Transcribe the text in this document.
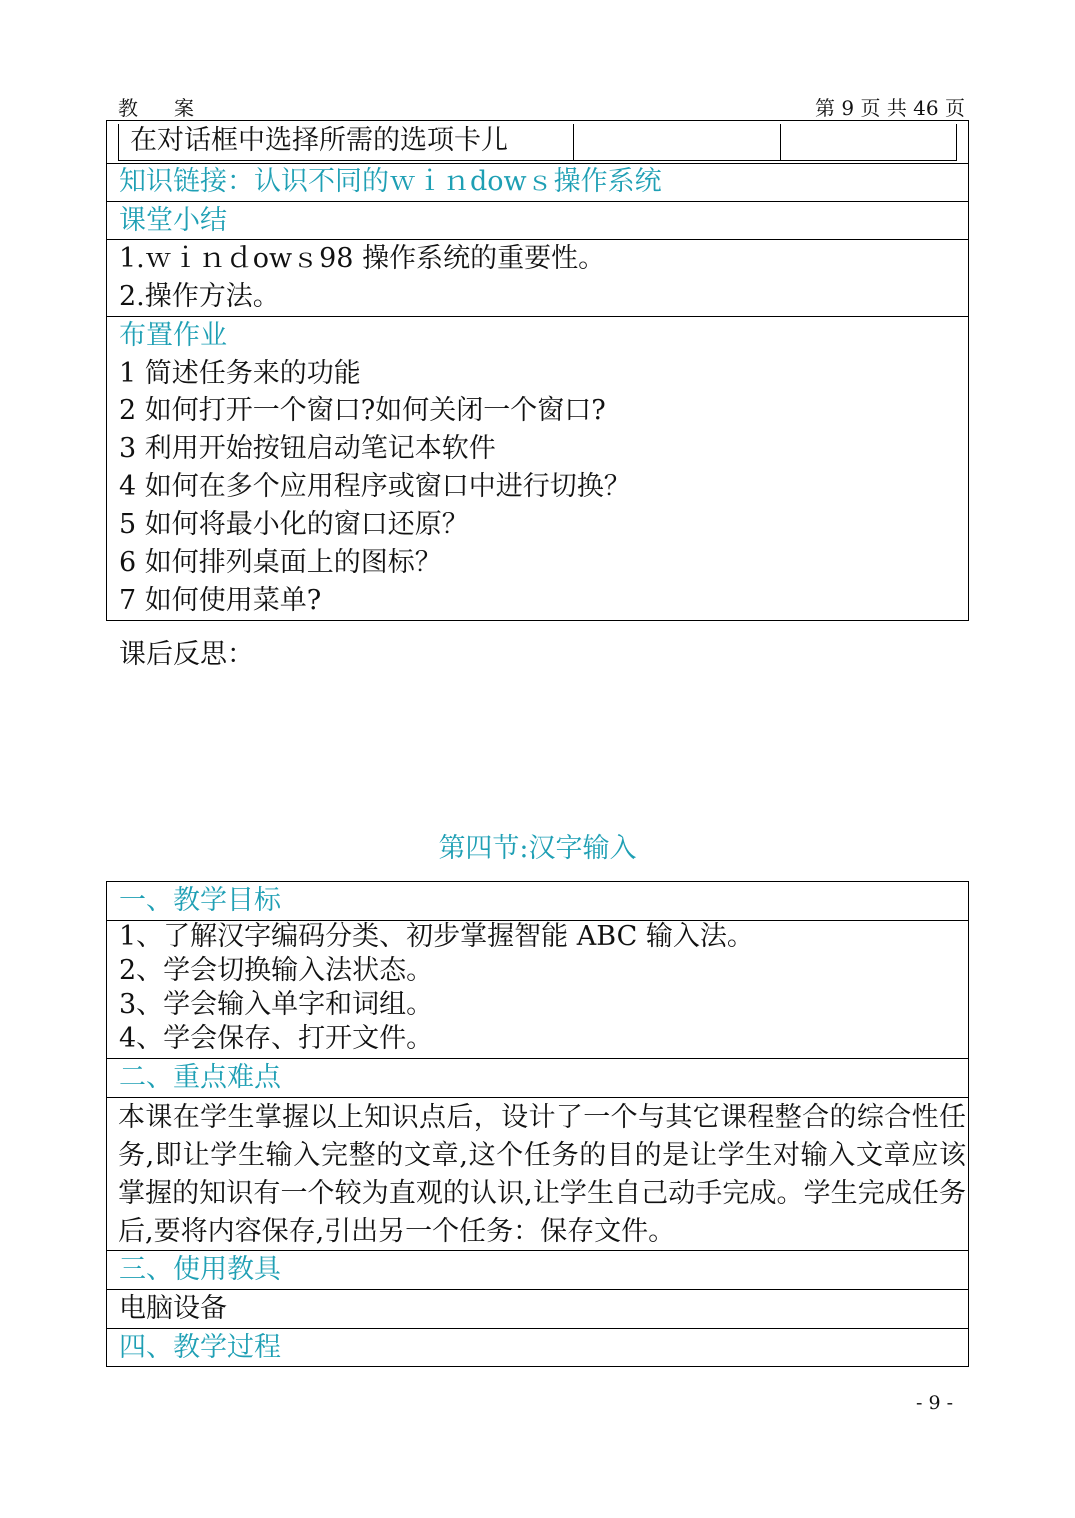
教　案	第 9 页 共 46 页
在对话框中选择所需的选项卡儿
知识链接：认识不同的ｗｉｎdowｓ操作系统
课堂小结
1.ｗｉｎｄowｓ98 操作系统的重要性。
2.操作方法。
布置作业
1 简述任务来的功能
2 如何打开一个窗口?如何关闭一个窗口?
3 利用开始按钮启动笔记本软件
4 如何在多个应用程序或窗口中进行切换？
5 如何将最小化的窗口还原？
6 如何排列桌面上的图标？
7 如何使用菜单?
课后反思：
第四节:汉字输入
一、教学目标
1、了解汉字编码分类、初步掌握智能 ABC 输入法。
2、学会切换输入法状态。
3、学会输入单字和词组。
4、学会保存、打开文件。
二、重点难点
本课在学生掌握以上知识点后，设计了一个与其它课程整合的综合性任务,即让学生输入完整的文章,这个任务的目的是让学生对输入文章应该掌握的知识有一个较为直观的认识,让学生自己动手完成。学生完成任务后,要将内容保存,引出另一个任务：保存文件。
三、使用教具
电脑设备
四、教学过程
- 9 -
